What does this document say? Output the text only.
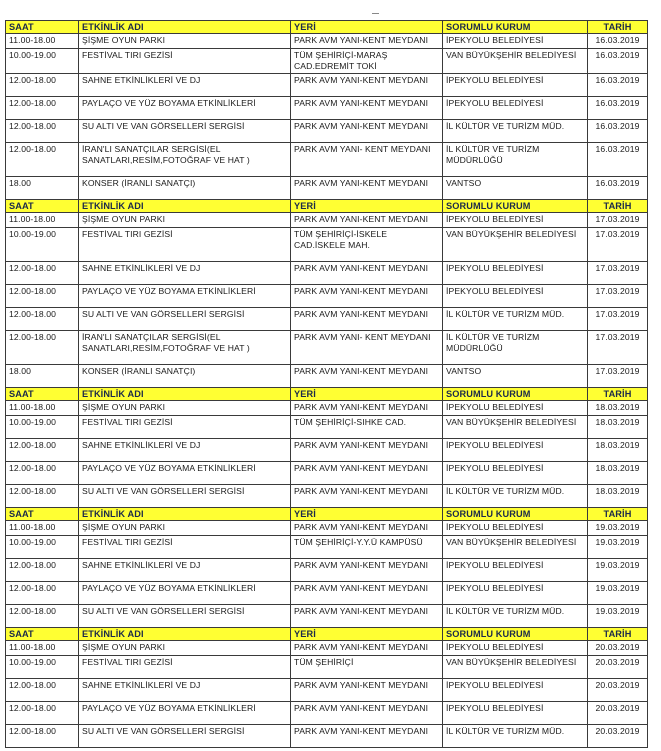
SAAT	ETKİNLİK ADI	YERİ	SORUMLU KURUM	TARİH
11.00-18.00	ŞİŞME OYUN PARKI	PARK AVM YANI-KENT MEYDANI	İPEKYOLU BELEDİYESİ	16.03.2019
10.00-19.00	FESTİVAL TIRI GEZİSİ	TÜM ŞEHİRİÇİ-MARAŞ CAD.EDREMİT TOKİ	VAN BÜYÜKŞEHİR BELEDİYESİ	16.03.2019
12.00-18.00	SAHNE ETKİNLİKLERİ VE DJ	PARK AVM YANI-KENT MEYDANI	İPEKYOLU BELEDİYESİ	16.03.2019
12.00-18.00	PAYLAÇO VE YÜZ BOYAMA ETKİNLİKLERİ	PARK AVM YANI-KENT MEYDANI	İPEKYOLU BELEDİYESİ	16.03.2019
12.00-18.00	SU ALTI VE VAN GÖRSELLERİ SERGİSİ	PARK AVM YANI-KENT MEYDANI	İL KÜLTÜR VE TURİZM MÜD.	16.03.2019
12.00-18.00	İRAN'LI SANATÇILAR SERGİSİ(EL SANATLARI,RESİM,FOTOĞRAF VE HAT )	PARK AVM YANI- KENT MEYDANI	İL KÜLTÜR VE TURİZM MÜDÜRLÜĞÜ	16.03.2019
18.00	KONSER (İRANLI SANATÇI)	PARK AVM YANI-KENT MEYDANI	VANTSO	16.03.2019
SAAT	ETKİNLİK ADI	YERİ	SORUMLU KURUM	TARİH
11.00-18.00	ŞİŞME OYUN PARKI	PARK AVM YANI-KENT MEYDANI	İPEKYOLU BELEDİYESİ	17.03.2019
10.00-19.00	FESTİVAL TIRI GEZİSİ	TÜM ŞEHİRİÇİ-İSKELE CAD.İSKELE MAH.	VAN BÜYÜKŞEHİR BELEDİYESİ	17.03.2019
12.00-18.00	SAHNE ETKİNLİKLERİ VE DJ	PARK AVM YANI-KENT MEYDANI	İPEKYOLU BELEDİYESİ	17.03.2019
12.00-18.00	PAYLAÇO VE YÜZ BOYAMA ETKİNLİKLERİ	PARK AVM YANI-KENT MEYDANI	İPEKYOLU BELEDİYESİ	17.03.2019
12.00-18.00	SU ALTI VE VAN GÖRSELLERİ SERGİSİ	PARK AVM YANI-KENT MEYDANI	İL KÜLTÜR VE TURİZM MÜD.	17.03.2019
12.00-18.00	İRAN'LI SANATÇILAR SERGİSİ(EL SANATLARI,RESİM,FOTOĞRAF VE HAT )	PARK AVM YANI- KENT MEYDANI	İL KÜLTÜR VE TURİZM MÜDÜRLÜĞÜ	17.03.2019
18.00	KONSER (İRANLI SANATÇI)	PARK AVM YANI-KENT MEYDANI	VANTSO	17.03.2019
SAAT	ETKİNLİK ADI	YERİ	SORUMLU KURUM	TARİH
11.00-18.00	ŞİŞME OYUN PARKI	PARK AVM YANI-KENT MEYDANI	İPEKYOLU BELEDİYESİ	18.03.2019
10.00-19.00	FESTİVAL TIRI GEZİSİ	TÜM ŞEHİRİÇİ-SIHKE CAD.	VAN BÜYÜKŞEHİR BELEDİYESİ	18.03.2019
12.00-18.00	SAHNE ETKİNLİKLERİ VE DJ	PARK AVM YANI-KENT MEYDANI	İPEKYOLU BELEDİYESİ	18.03.2019
12.00-18.00	PAYLAÇO VE YÜZ BOYAMA ETKİNLİKLERİ	PARK AVM YANI-KENT MEYDANI	İPEKYOLU BELEDİYESİ	18.03.2019
12.00-18.00	SU ALTI VE VAN GÖRSELLERİ SERGİSİ	PARK AVM YANI-KENT MEYDANI	İL KÜLTÜR VE TURİZM MÜD.	18.03.2019
SAAT	ETKİNLİK ADI	YERİ	SORUMLU KURUM	TARİH
11.00-18.00	ŞİŞME OYUN PARKI	PARK AVM YANI-KENT MEYDANI	İPEKYOLU BELEDİYESİ	19.03.2019
10.00-19.00	FESTİVAL TIRI GEZİSİ	TÜM ŞEHİRİÇİ-Y.Y.Ü KAMPÜSÜ	VAN BÜYÜKŞEHİR BELEDİYESİ	19.03.2019
12.00-18.00	SAHNE ETKİNLİKLERİ VE DJ	PARK AVM YANI-KENT MEYDANI	İPEKYOLU BELEDİYESİ	19.03.2019
12.00-18.00	PAYLAÇO VE YÜZ BOYAMA ETKİNLİKLERİ	PARK AVM YANI-KENT MEYDANI	İPEKYOLU BELEDİYESİ	19.03.2019
12.00-18.00	SU ALTI VE VAN GÖRSELLERİ SERGİSİ	PARK AVM YANI-KENT MEYDANI	İL KÜLTÜR VE TURİZM MÜD.	19.03.2019
SAAT	ETKİNLİK ADI	YERİ	SORUMLU KURUM	TARİH
11.00-18.00	ŞİŞME OYUN PARKI	PARK AVM YANI-KENT MEYDANI	İPEKYOLU BELEDİYESİ	20.03.2019
10.00-19.00	FESTİVAL TIRI GEZİSİ	TÜM ŞEHİRİÇİ	VAN BÜYÜKŞEHİR BELEDİYESİ	20.03.2019
12.00-18.00	SAHNE ETKİNLİKLERİ VE DJ	PARK AVM YANI-KENT MEYDANI	İPEKYOLU BELEDİYESİ	20.03.2019
12.00-18.00	PAYLAÇO VE YÜZ BOYAMA ETKİNLİKLERİ	PARK AVM YANI-KENT MEYDANI	İPEKYOLU BELEDİYESİ	20.03.2019
12.00-18.00	SU ALTI VE VAN GÖRSELLERİ SERGİSİ	PARK AVM YANI-KENT MEYDANI	İL KÜLTÜR VE TURİZM MÜD.	20.03.2019
